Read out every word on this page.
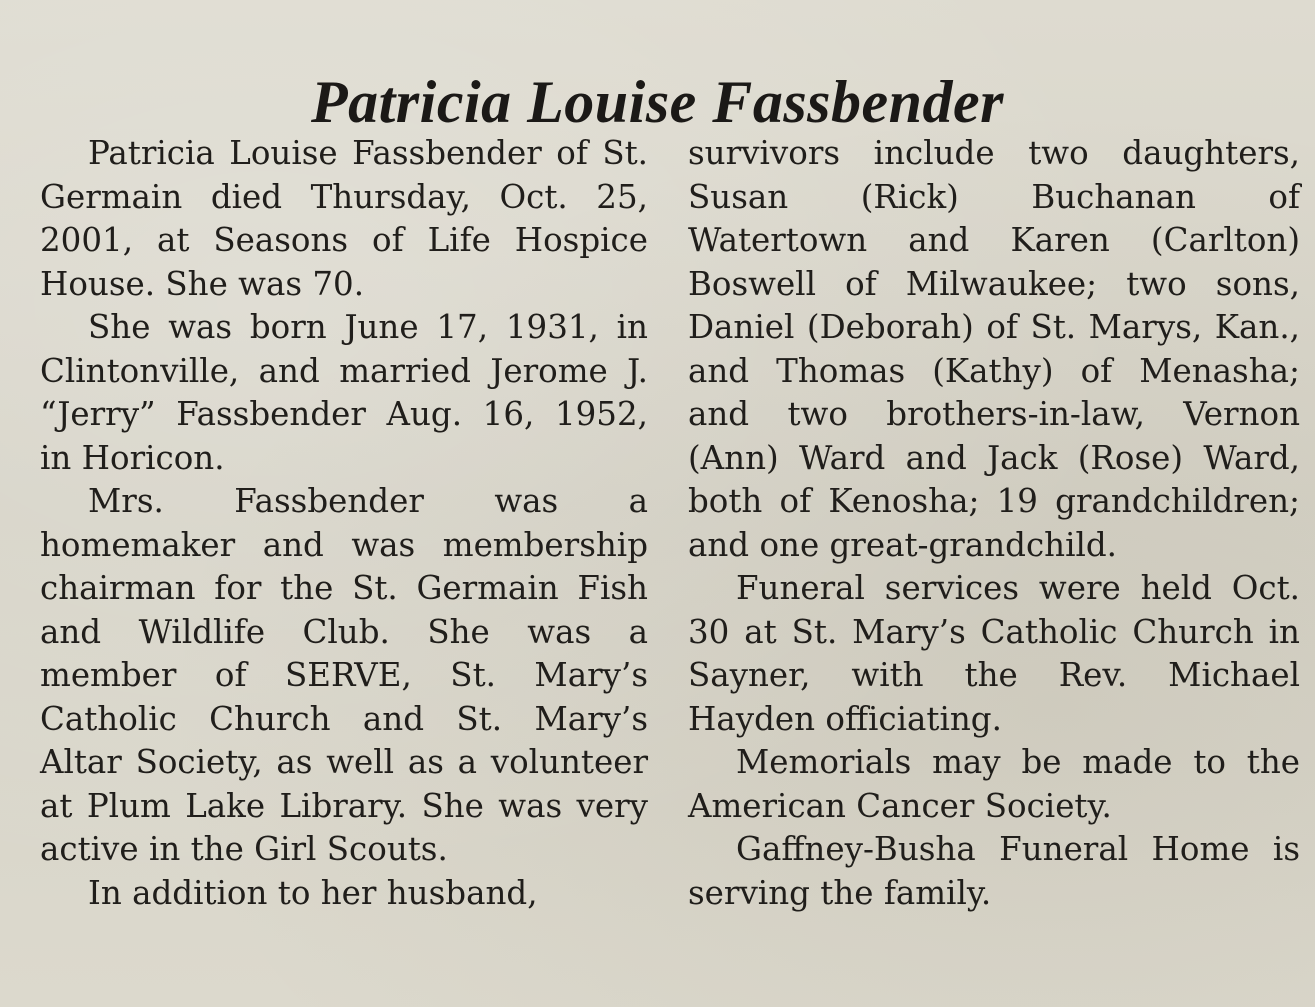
Patricia Louise Fassbender

Patricia Louise Fassbender of St. Germain died Thursday, Oct. 25, 2001, at Seasons of Life Hospice House. She was 70.

She was born June 17, 1931, in Clintonville, and married Jerome J. “Jerry” Fassbender Aug. 16, 1952, in Horicon.

Mrs. Fassbender was a homemaker and was membership chairman for the St. Germain Fish and Wildlife Club. She was a member of SERVE, St. Mary’s Catholic Church and St. Mary’s Altar Society, as well as a volunteer at Plum Lake Library. She was very active in the Girl Scouts.

In addition to her husband,

survivors include two daughters, Susan (Rick) Buchanan of Watertown and Karen (Carlton) Boswell of Milwaukee; two sons, Daniel (Deborah) of St. Marys, Kan., and Thomas (Kathy) of Menasha; and two brothers-in-law, Vernon (Ann) Ward and Jack (Rose) Ward, both of Kenosha; 19 grandchildren; and one great-grandchild.

Funeral services were held Oct. 30 at St. Mary’s Catholic Church in Sayner, with the Rev. Michael Hayden officiating.

Memorials may be made to the American Cancer Society.

Gaffney-Busha Funeral Home is serving the family.
